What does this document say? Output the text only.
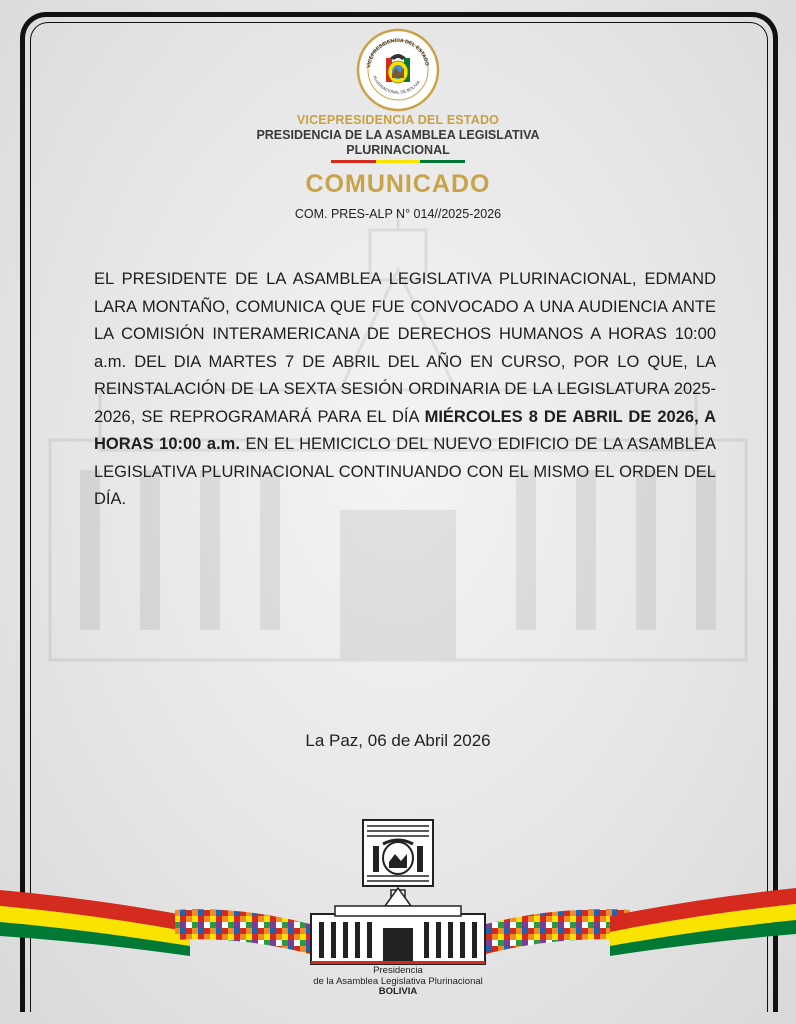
VICEPRESIDENCIA DEL ESTADO
PLURINACIONAL DE BOLIVIA
VICEPRESIDENCIA DEL ESTADO
PRESIDENCIA DE LA ASAMBLEA LEGISLATIVA
PLURINACIONAL
COMUNICADO
COM. PRES-ALP N° 014//2025-2026
EL PRESIDENTE DE LA ASAMBLEA LEGISLATIVA PLURINACIONAL, EDMAND LARA MONTAÑO, COMUNICA QUE FUE CONVOCADO A UNA AUDIENCIA ANTE LA COMISIÓN INTERAMERICANA DE DERECHOS HUMANOS A HORAS 10:00 a.m. DEL DIA MARTES 7 DE ABRIL DEL AÑO EN CURSO, POR LO QUE, LA REINSTALACIÓN DE LA SEXTA SESIÓN ORDINARIA DE LA LEGISLATURA 2025-2026, SE REPROGRAMARÁ PARA EL DÍA MIÉRCOLES 8 DE ABRIL DE 2026, A HORAS 10:00 a.m. EN EL HEMICICLO DEL NUEVO EDIFICIO DE LA ASAMBLEA LEGISLATIVA PLURINACIONAL CONTINUANDO CON EL MISMO EL ORDEN DEL DÍA.
La Paz, 06 de Abril 2026
Presidencia
de la Asamblea Legislativa Plurinacional
BOLIVIA
